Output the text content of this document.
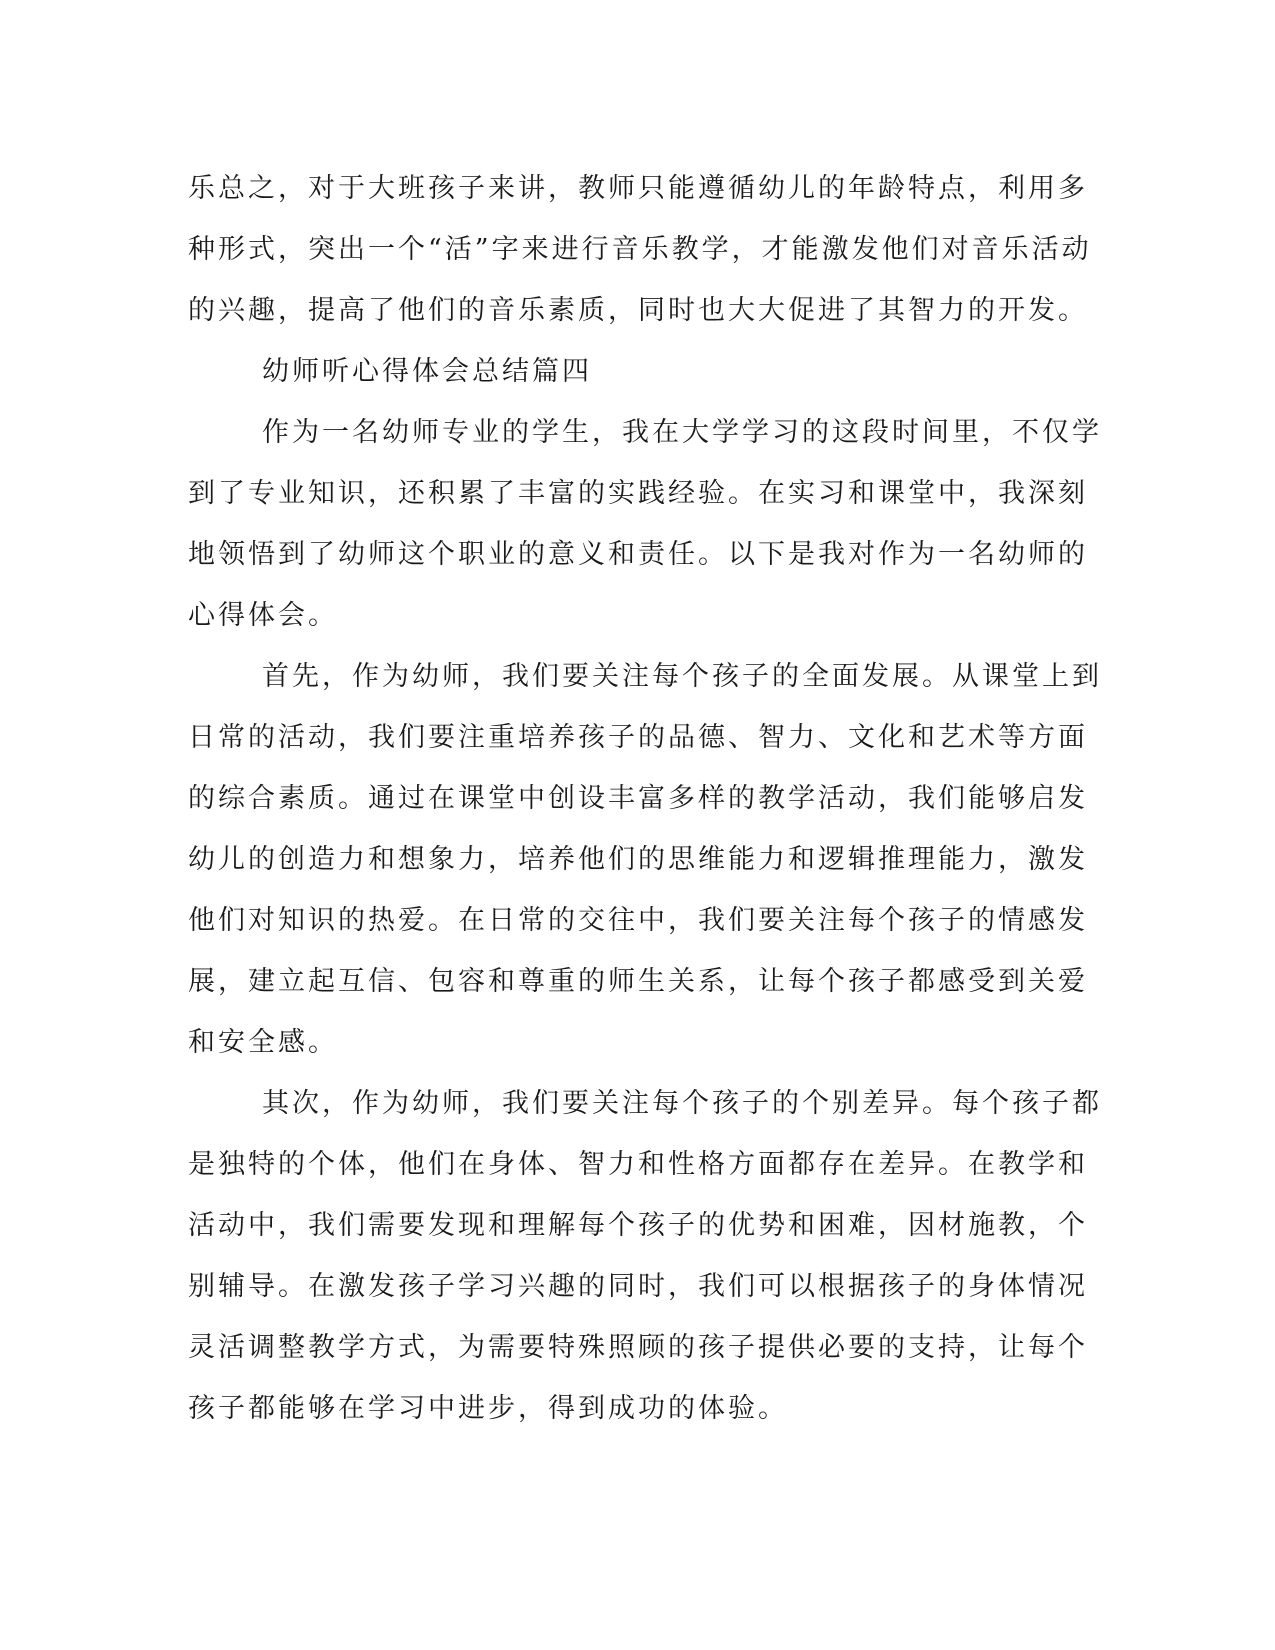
乐总之，对于大班孩子来讲，教师只能遵循幼儿的年龄特点，利用多
种形式，突出一个“活”字来进行音乐教学，才能激发他们对音乐活动
的兴趣，提高了他们的音乐素质，同时也大大促进了其智力的开发。
幼师听心得体会总结篇四
作为一名幼师专业的学生，我在大学学习的这段时间里，不仅学
到了专业知识，还积累了丰富的实践经验。在实习和课堂中，我深刻
地领悟到了幼师这个职业的意义和责任。以下是我对作为一名幼师的
心得体会。
首先，作为幼师，我们要关注每个孩子的全面发展。从课堂上到
日常的活动，我们要注重培养孩子的品德、智力、文化和艺术等方面
的综合素质。通过在课堂中创设丰富多样的教学活动，我们能够启发
幼儿的创造力和想象力，培养他们的思维能力和逻辑推理能力，激发
他们对知识的热爱。在日常的交往中，我们要关注每个孩子的情感发
展，建立起互信、包容和尊重的师生关系，让每个孩子都感受到关爱
和安全感。
其次，作为幼师，我们要关注每个孩子的个别差异。每个孩子都
是独特的个体，他们在身体、智力和性格方面都存在差异。在教学和
活动中，我们需要发现和理解每个孩子的优势和困难，因材施教，个
别辅导。在激发孩子学习兴趣的同时，我们可以根据孩子的身体情况
灵活调整教学方式，为需要特殊照顾的孩子提供必要的支持，让每个
孩子都能够在学习中进步，得到成功的体验。
